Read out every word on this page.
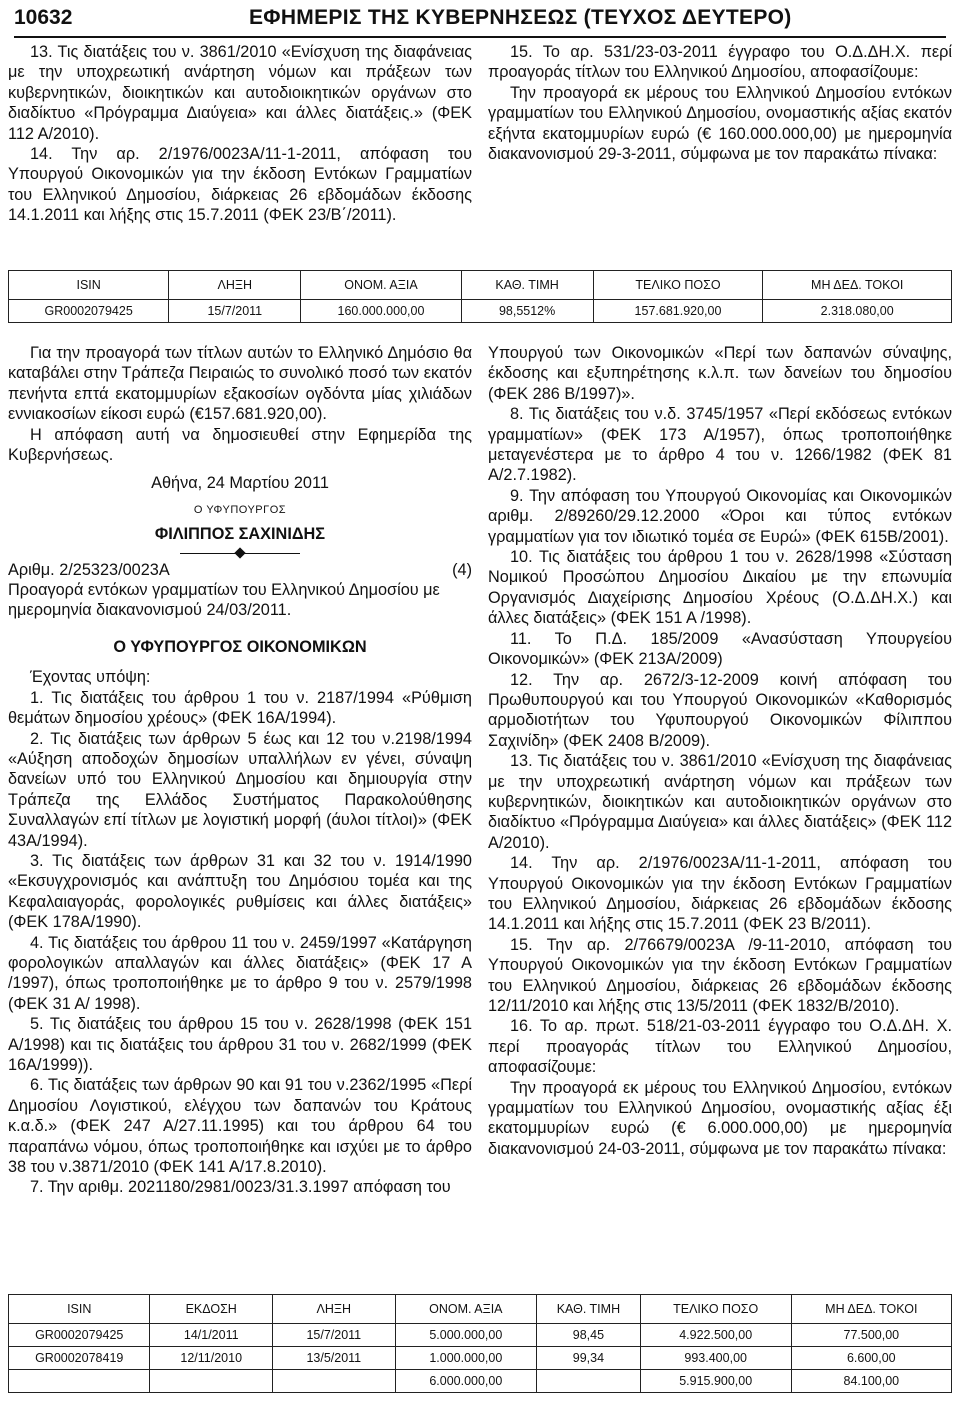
10632	ΕΦΗΜΕΡΙΣ ΤΗΣ ΚΥΒΕΡΝΗΣΕΩΣ (ΤΕΥΧΟΣ ΔΕΥΤΕΡΟ)

13. Τις διατάξεις του ν. 3861/2010 «Ενίσχυση της διαφάνειας με την υποχρεωτική ανάρτηση νόμων και πράξεων των κυβερνητικών, διοικητικών και αυτοδιοικητικών οργάνων στο διαδίκτυο «Πρόγραμμα Διαύγεια» και άλλες διατάξεις.» (ΦΕΚ 112 Α/2010).

14. Την αρ. 2/1976/0023Α/11-1-2011, απόφαση του Υπουργού Οικονομικών για την έκδοση Εντόκων Γραμματίων του Ελληνικού Δημοσίου, διάρκειας 26 εβδομάδων έκδοσης 14.1.2011 και λήξης στις 15.7.2011 (ΦΕΚ 23/Β΄/2011).

15. Το αρ. 531/23-03-2011 έγγραφο του Ο.Δ.ΔΗ.Χ. περί προαγοράς τίτλων του Ελληνικού Δημοσίου, αποφασίζουμε:

Την προαγορά εκ μέρους του Ελληνικού Δημοσίου εντόκων γραμματίων του Ελληνικού Δημοσίου, ονομαστικής αξίας εκατόν εξήντα εκατομμυρίων ευρώ (€ 160.000.000,00) με ημερομηνία διακανονισμού 29-3-2011, σύμφωνα με τον παρακάτω πίνακα:

ISIN	ΛΗΞΗ	ΟΝΟΜ. ΑΞΙΑ	ΚΑΘ. ΤΙΜΗ	ΤΕΛΙΚΟ ΠΟΣΟ	ΜΗ ΔΕΔ. ΤΟΚΟΙ
GR0002079425	15/7/2011	160.000.000,00	98,5512%	157.681.920,00	2.318.080,00

Για την προαγορά των τίτλων αυτών το Ελληνικό Δημόσιο θα καταβάλει στην Τράπεζα Πειραιώς το συνολικό ποσό των εκατόν πενήντα επτά εκατομμυρίων εξακοσίων ογδόντα μίας χιλιάδων εννιακοσίων είκοσι ευρώ (€157.681.920,00).

Η απόφαση αυτή να δημοσιευθεί στην Εφημερίδα της Κυβερνήσεως.

Αθήνα, 24 Μαρτίου 2011

Ο ΥΦΥΠΟΥΡΓΟΣ

ΦΙΛΙΠΠΟΣ ΣΑΧΙΝΙΔΗΣ

Αριθμ. 2/25323/0023Α	(4)

Προαγορά εντόκων γραμματίων του Ελληνικού Δημοσίου με ημερομηνία διακανονισμού 24/03/2011.

Ο ΥΦΥΠΟΥΡΓΟΣ ΟΙΚΟΝΟΜΙΚΩΝ

Έχοντας υπόψη:

1. Τις διατάξεις του άρθρου 1 του ν. 2187/1994 «Ρύθμιση θεμάτων δημοσίου χρέους» (ΦΕΚ 16Α/1994).

2. Τις διατάξεις των άρθρων 5 έως και 12 του ν.2198/1994 «Αύξηση αποδοχών δημοσίων υπαλλήλων εν γένει, σύναψη δανείων υπό του Ελληνικού Δημοσίου και δημιουργία στην Τράπεζα της Ελλάδος Συστήματος Παρακολούθησης Συναλλαγών επί τίτλων με λογιστική μορφή (άυλοι τίτλοι)» (ΦΕΚ 43Α/1994).

3. Τις διατάξεις των άρθρων 31 και 32 του ν. 1914/1990 «Εκσυγχρονισμός και ανάπτυξη του Δημόσιου τομέα και της Κεφαλαιαγοράς, φορολογικές ρυθμίσεις και άλλες διατάξεις» (ΦΕΚ 178Α/1990).

4. Τις διατάξεις του άρθρου 11 του ν. 2459/1997 «Κατάργηση φορολογικών απαλλαγών και άλλες διατάξεις» (ΦΕΚ 17 Α /1997), όπως τροποποιήθηκε με το άρθρο 9 του ν. 2579/1998 (ΦΕΚ 31 Α/ 1998).

5. Τις διατάξεις του άρθρου 15 του ν. 2628/1998 (ΦΕΚ 151 Α/1998) και τις διατάξεις του άρθρου 31 του ν. 2682/1999 (ΦΕΚ 16Α/1999)).

6. Τις διατάξεις των άρθρων 90 και 91 του ν.2362/1995 «Περί Δημοσίου Λογιστικού, ελέγχου των δαπανών του Κράτους κ.α.δ.» (ΦΕΚ 247 Α/27.11.1995) και του άρθρου 64 του παραπάνω νόμου, όπως τροποποιήθηκε και ισχύει με το άρθρο 38 του ν.3871/2010 (ΦΕΚ 141 Α/17.8.2010).

7. Την αριθμ. 2021180/2981/0023/31.3.1997 απόφαση του

Υπουργού των Οικονομικών «Περί των δαπανών σύναψης, έκδοσης και εξυπηρέτησης κ.λ.π. των δανείων του δημοσίου (ΦΕΚ 286 Β/1997)».

8. Τις διατάξεις του ν.δ. 3745/1957 «Περί εκδόσεως εντόκων γραμματίων» (ΦΕΚ 173 Α/1957), όπως τροποποιήθηκε μεταγενέστερα με το άρθρο 4 του ν. 1266/1982 (ΦΕΚ 81 Α/2.7.1982).

9. Την απόφαση του Υπουργού Οικονομίας και Οικονομικών αριθμ. 2/89260/29.12.2000 «Όροι και τύπος εντόκων γραμματίων για τον ιδιωτικό τομέα σε Ευρώ» (ΦΕΚ 615Β/2001).

10. Τις διατάξεις του άρθρου 1 του ν. 2628/1998 «Σύσταση Νομικού Προσώπου Δημοσίου Δικαίου με την επωνυμία Οργανισμός Διαχείρισης Δημοσίου Χρέους (Ο.Δ.ΔΗ.Χ.) και άλλες διατάξεις» (ΦΕΚ 151 Α /1998).

11. Το Π.Δ. 185/2009 «Ανασύσταση Υπουργείου Οικονομικών» (ΦΕΚ 213Α/2009)

12. Την αρ. 2672/3-12-2009 κοινή απόφαση του Πρωθυπουργού και του Υπουργού Οικονομικών «Καθορισμός αρμοδιοτήτων του Υφυπουργού Οικονομικών Φίλιππου Σαχινίδη» (ΦΕΚ 2408 Β/2009).

13. Τις διατάξεις του ν. 3861/2010 «Ενίσχυση της διαφάνειας με την υποχρεωτική ανάρτηση νόμων και πράξεων των κυβερνητικών, διοικητικών και αυτοδιοικητικών οργάνων στο διαδίκτυο «Πρόγραμμα Διαύγεια» και άλλες διατάξεις» (ΦΕΚ 112 Α/2010).

14. Την αρ. 2/1976/0023Α/11-1-2011, απόφαση του Υπουργού Οικονομικών για την έκδοση Εντόκων Γραμματίων του Ελληνικού Δημοσίου, διάρκειας 26 εβδομάδων έκδοσης 14.1.2011 και λήξης στις 15.7.2011 (ΦΕΚ 23 Β/2011).

15. Την αρ. 2/76679/0023Α /9-11-2010, απόφαση του Υπουργού Οικονομικών για την έκδοση Εντόκων Γραμματίων του Ελληνικού Δημοσίου, διάρκειας 26 εβδομάδων έκδοσης 12/11/2010 και λήξης στις 13/5/2011 (ΦΕΚ 1832/Β/2010).

16. Το αρ. πρωτ. 518/21-03-2011 έγγραφο του Ο.Δ.ΔΗ. Χ. περί προαγοράς τίτλων του Ελληνικού Δημοσίου, αποφασίζουμε:

Την προαγορά εκ μέρους του Ελληνικού Δημοσίου, εντόκων γραμματίων του Ελληνικού Δημοσίου, ονομαστικής αξίας έξι εκατομμυρίων ευρώ (€ 6.000.000,00) με ημερομηνία διακανονισμού 24-03-2011, σύμφωνα με τον παρακάτω πίνακα:

ISIN	ΕΚΔΟΣΗ	ΛΗΞΗ	ΟΝΟΜ. ΑΞΙΑ	ΚΑΘ. ΤΙΜΗ	ΤΕΛΙΚΟ ΠΟΣΟ	ΜΗ ΔΕΔ. ΤΟΚΟΙ
GR0002079425	14/1/2011	15/7/2011	5.000.000,00	98,45	4.922.500,00	77.500,00
GR0002078419	12/11/2010	13/5/2011	1.000.000,00	99,34	993.400,00	6.600,00
			6.000.000,00		5.915.900,00	84.100,00
